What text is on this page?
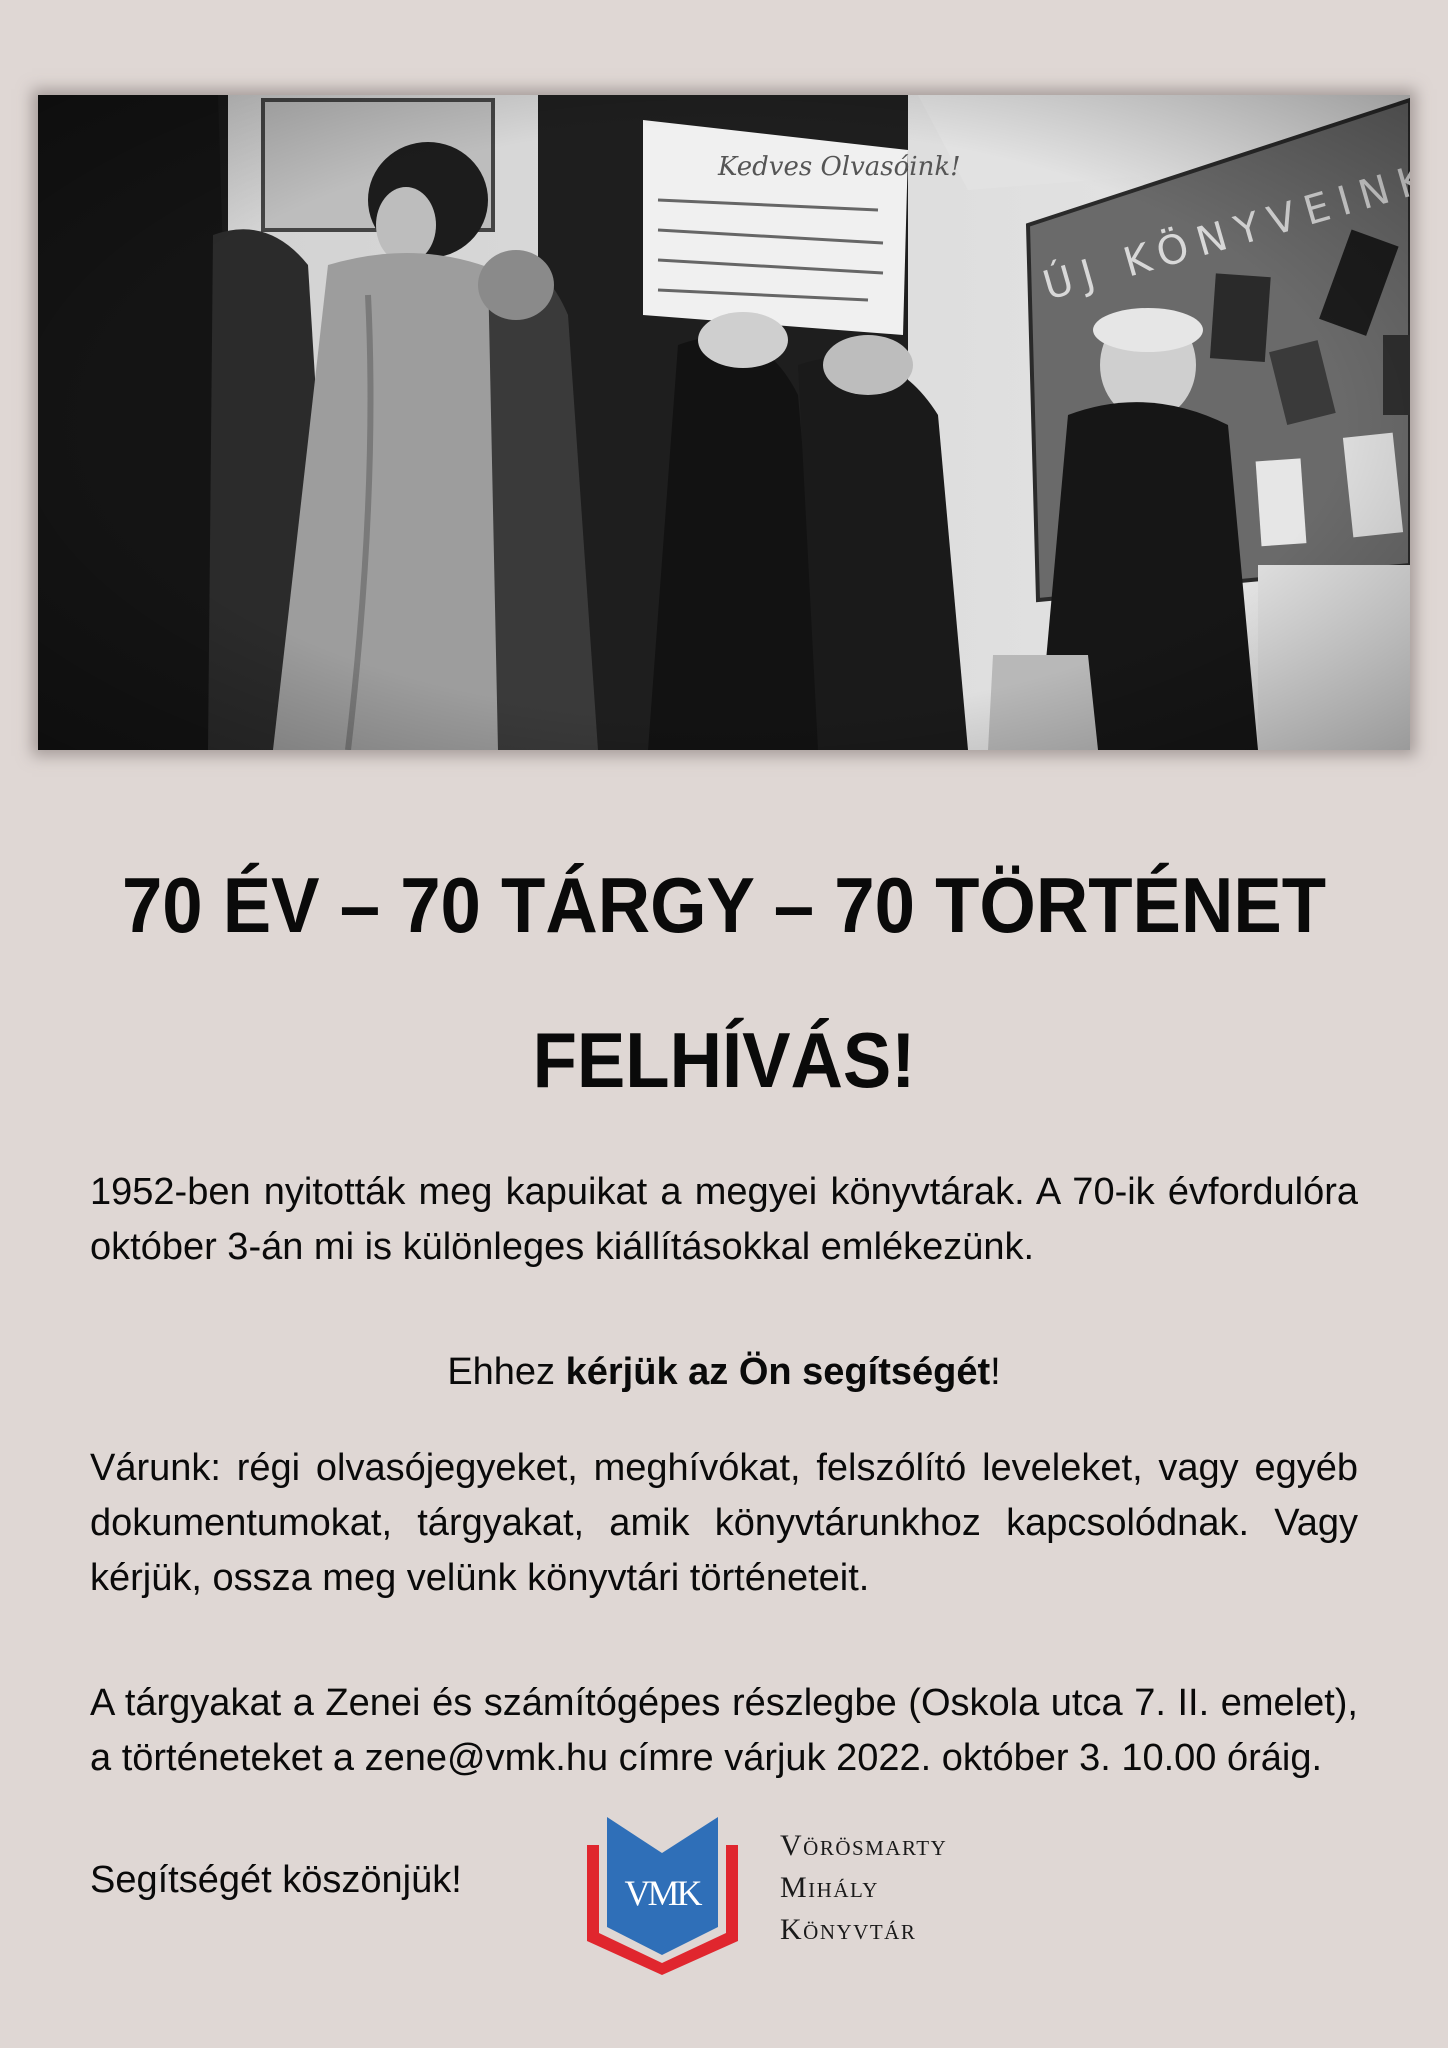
70 ÉV – 70 TÁRGY – 70 TÖRTÉNET
FELHÍVÁS!

1952-ben nyitották meg kapuikat a megyei könyvtárak. A 70-ik évfordulóra október 3-án mi is különleges kiállításokkal emlékezünk.

Ehhez kérjük az Ön segítségét!

Várunk: régi olvasójegyeket, meghívókat, felszólító leveleket, vagy egyéb dokumentumokat, tárgyakat, amik könyvtárunkhoz kapcsolódnak. Vagy kérjük, ossza meg velünk könyvtári történeteit.

A tárgyakat a Zenei és számítógépes részlegbe (Oskola utca 7. II. emelet), a történeteket a zene@vmk.hu címre várjuk 2022. október 3. 10.00 óráig.

Segítségét köszönjük!	VMK
Vörösmarty
Mihály
Könyvtár
